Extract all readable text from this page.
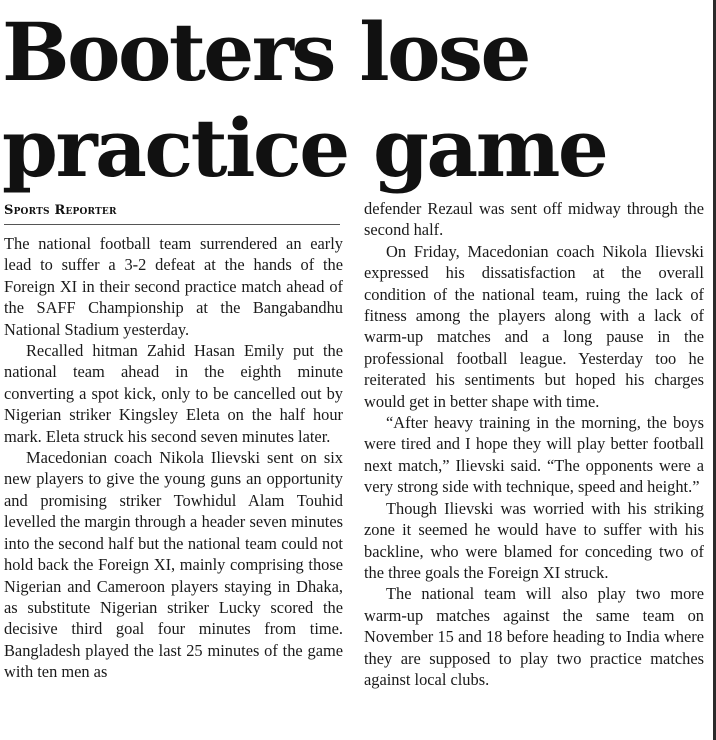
Booters lose
practice game
Sports Reporter

The national football team surrendered an early lead to suffer a 3-2 defeat at the hands of the Foreign XI in their second practice match ahead of the SAFF Championship at the Bangabandhu National Stadium yesterday.

Recalled hitman Zahid Hasan Emily put the national team ahead in the eighth minute converting a spot kick, only to be cancelled out by Nigerian striker Kingsley Eleta on the half hour mark. Eleta struck his second seven minutes later.

Macedonian coach Nikola Ilievski sent on six new players to give the young guns an opportunity and promising striker Towhidul Alam Touhid levelled the margin through a header seven minutes into the second half but the national team could not hold back the Foreign XI, mainly comprising those Nigerian and Cameroon players staying in Dhaka, as substitute Nigerian striker Lucky scored the decisive third goal four minutes from time. Bangladesh played the last 25 minutes of the game with ten men as

defender Rezaul was sent off midway through the second half.

On Friday, Macedonian coach Nikola Ilievski expressed his dissatisfaction at the overall condition of the national team, ruing the lack of fitness among the players along with a lack of warm-up matches and a long pause in the professional football league. Yesterday too he reiterated his sentiments but hoped his charges would get in better shape with time.

“After heavy training in the morning, the boys were tired and I hope they will play better football next match,” Ilievski said. “The opponents were a very strong side with technique, speed and height.”

Though Ilievski was worried with his striking zone it seemed he would have to suffer with his backline, who were blamed for conceding two of the three goals the Foreign XI struck.

The national team will also play two more warm-up matches against the same team on November 15 and 18 before heading to India where they are supposed to play two practice matches against local clubs.
